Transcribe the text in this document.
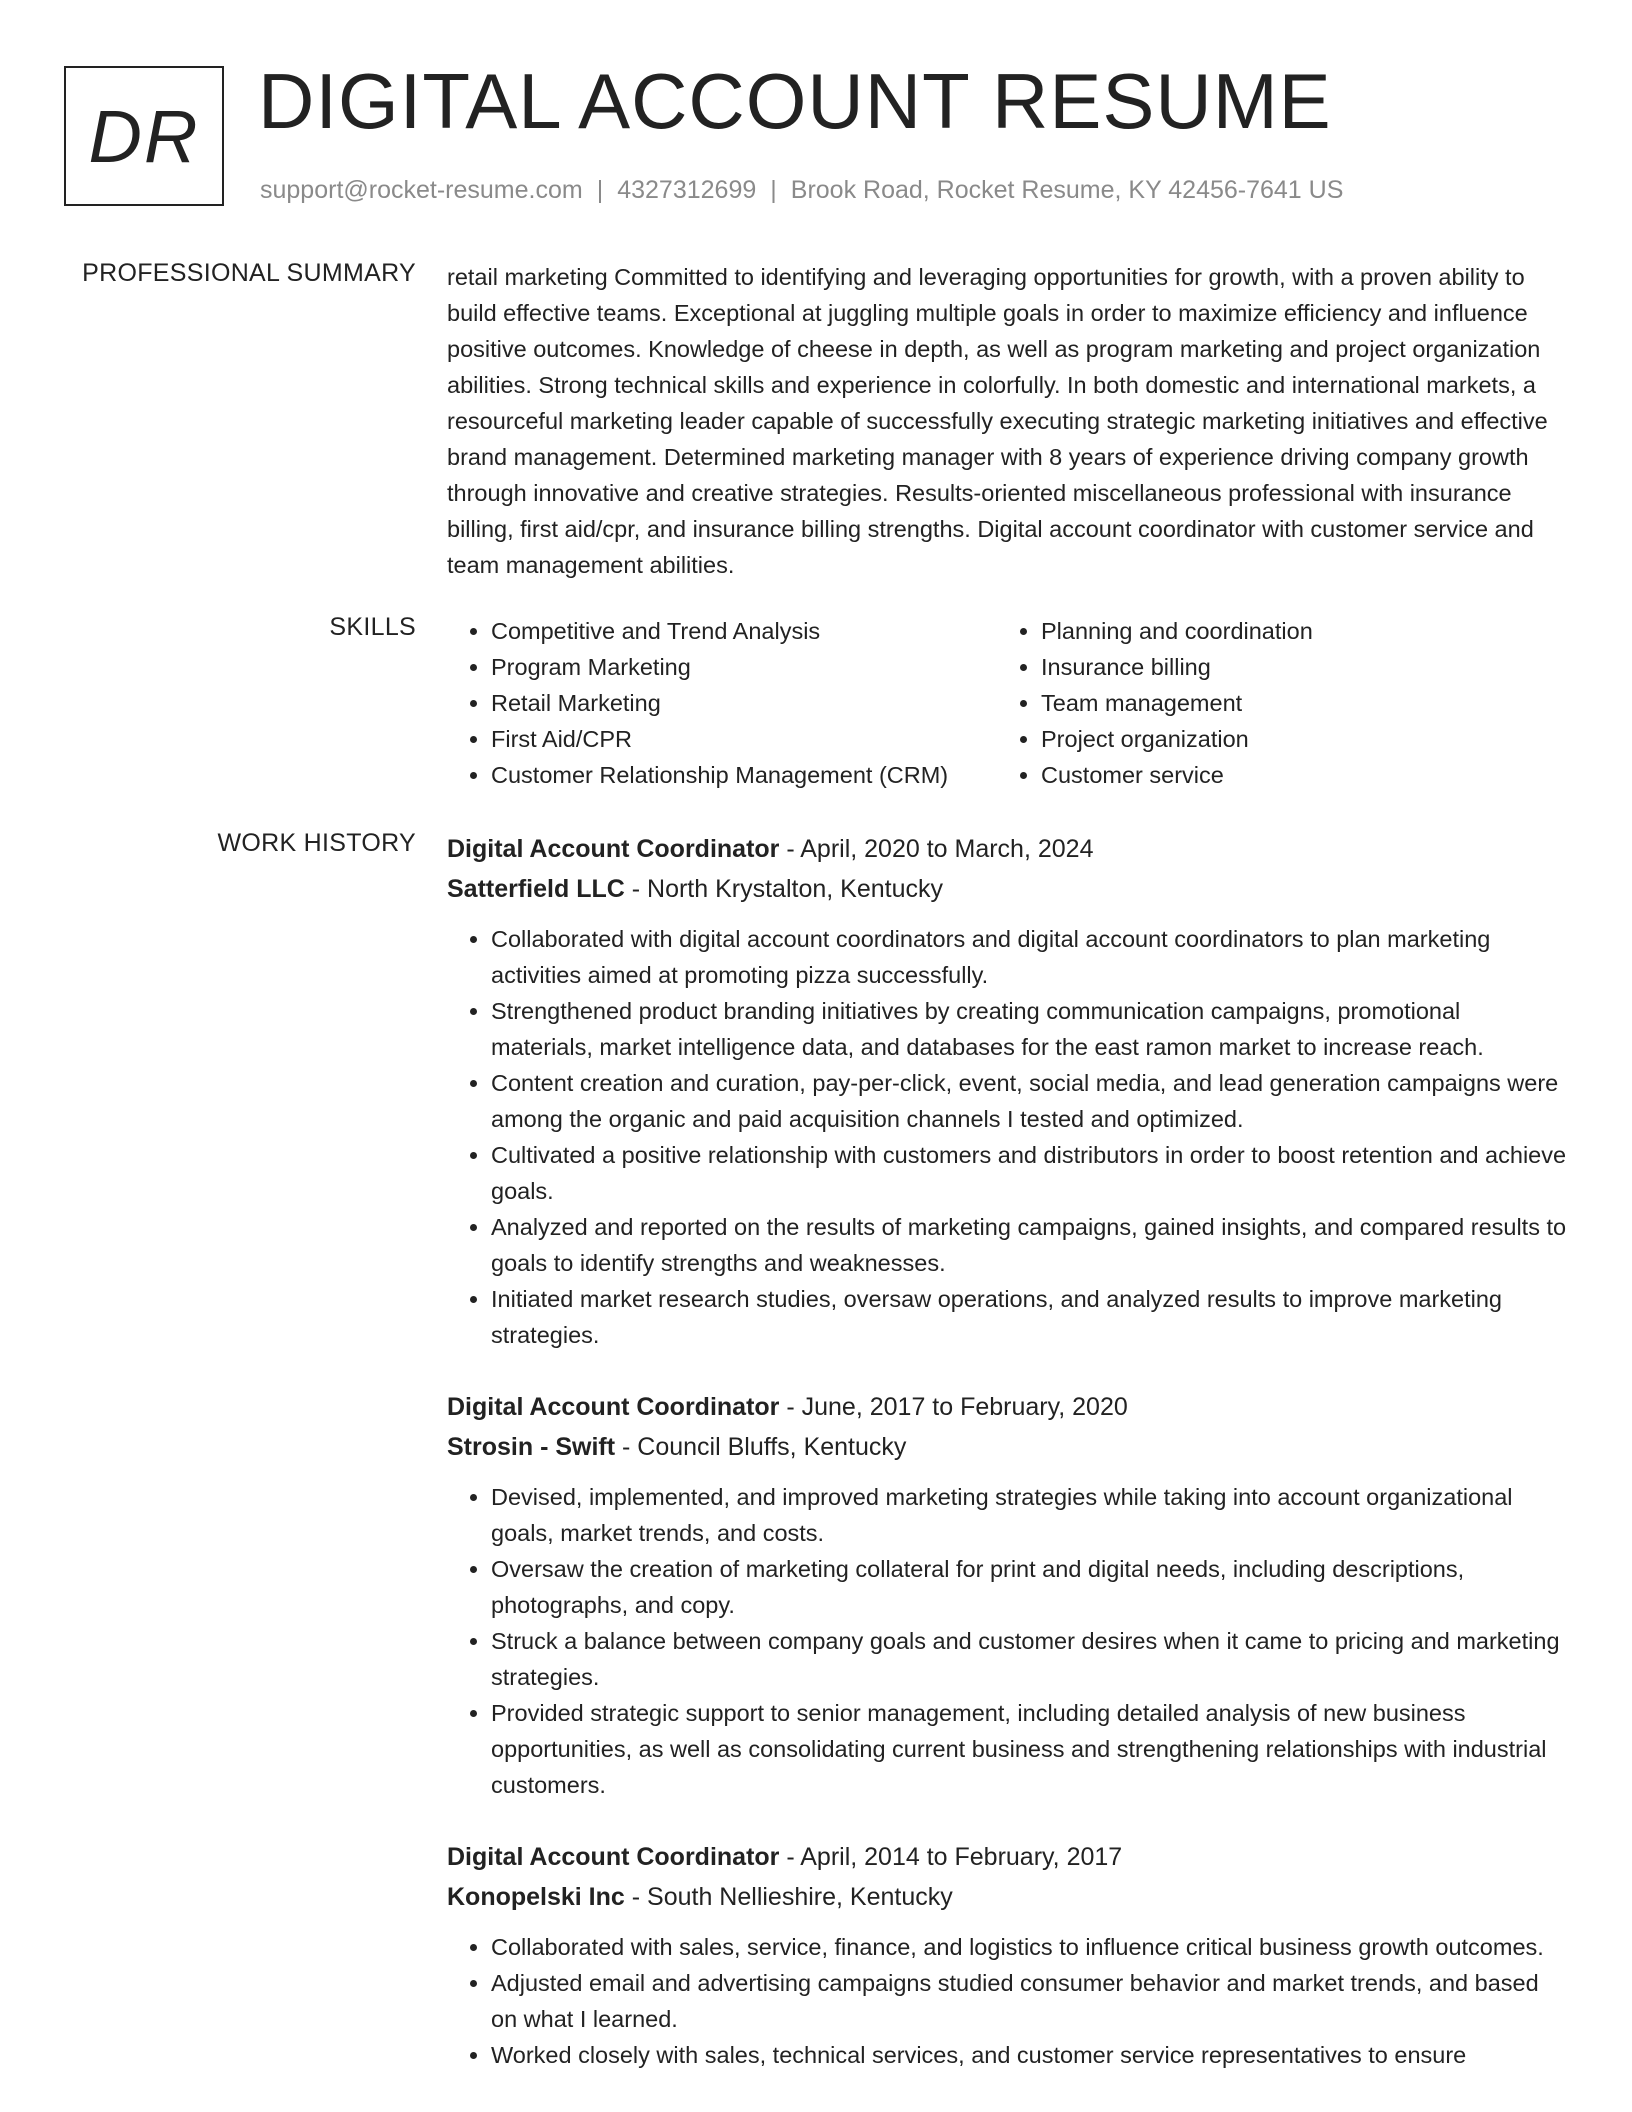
DR DIGITAL ACCOUNT RESUME
support@rocket-resume.com | 4327312699 | Brook Road, Rocket Resume, KY 42456-7641 US
PROFESSIONAL SUMMARY retail marketing Committed to identifying and leveraging opportunities for growth, with a proven ability to build effective teams. Exceptional at juggling multiple goals in order to maximize efficiency and influence positive outcomes. Knowledge of cheese in depth, as well as program marketing and project organization abilities. Strong technical skills and experience in colorfully. In both domestic and international markets, a resourceful marketing leader capable of successfully executing strategic marketing initiatives and effective brand management. Determined marketing manager with 8 years of experience driving company growth through innovative and creative strategies. Results-oriented miscellaneous professional with insurance billing, first aid/cpr, and insurance billing strengths. Digital account coordinator with customer service and team management abilities.

SKILLS
•	Competitive and Trend Analysis
• Program Marketing
• Retail Marketing
• First Aid/CPR
• Customer Relationship Management (CRM)
• Planning and coordination
• Insurance billing
• Team management
• Project organization
• Customer service
WORK HISTORY Digital Account Coordinator - April, 2020 to March, 2024
Satterfield LLC - North Krystalton, Kentucky
• Collaborated with digital account coordinators and digital account coordinators to plan marketing activities aimed at promoting pizza successfully.
• Strengthened product branding initiatives by creating communication campaigns, promotional materials, market intelligence data, and databases for the east ramon market to increase reach.
• Content creation and curation, pay-per-click, event, social media, and lead generation campaigns were among the organic and paid acquisition channels I tested and optimized.
• Cultivated a positive relationship with customers and distributors in order to boost retention and achieve goals.
• Analyzed and reported on the results of marketing campaigns, gained insights, and compared results to goals to identify strengths and weaknesses.
• Initiated market research studies, oversaw operations, and analyzed results to improve marketing strategies.
Digital Account Coordinator - June, 2017 to February, 2020
Strosin - Swift - Council Bluffs, Kentucky
• Devised, implemented, and improved marketing strategies while taking into account organizational goals, market trends, and costs.
• Oversaw the creation of marketing collateral for print and digital needs, including descriptions, photographs, and copy.
• Struck a balance between company goals and customer desires when it came to pricing and marketing strategies.
• Provided strategic support to senior management, including detailed analysis of new business opportunities, as well as consolidating current business and strengthening relationships with industrial customers.
Digital Account Coordinator - April, 2014 to February, 2017
Konopelski Inc - South Nellieshire, Kentucky
• Collaborated with sales, service, finance, and logistics to influence critical business growth outcomes.
• Adjusted email and advertising campaigns studied consumer behavior and market trends, and based on what I learned.
• Worked closely with sales, technical services, and customer service representatives to ensure
